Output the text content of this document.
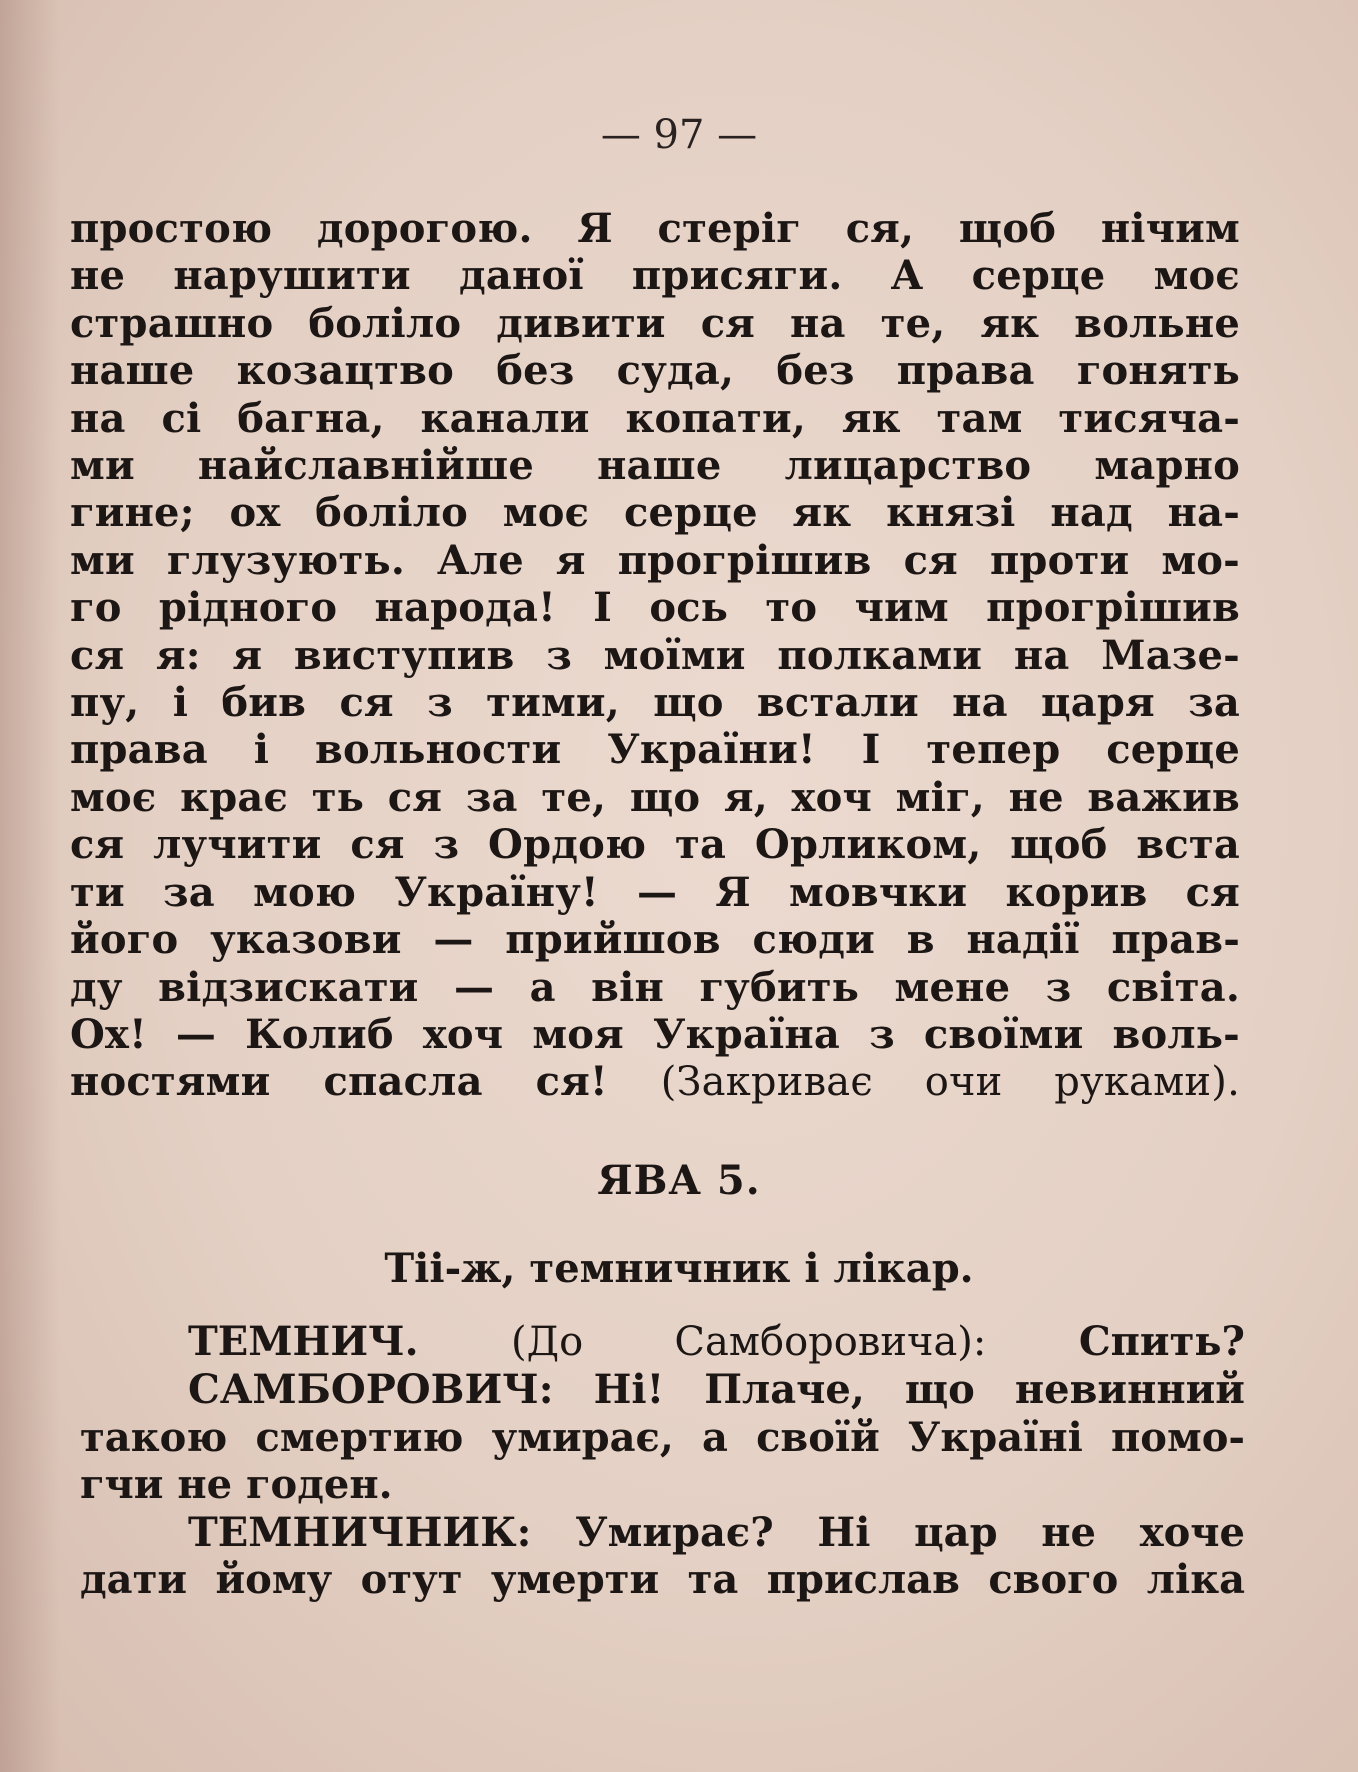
— 97 —
простою дорогою. Я стеріг ся, щоб нічим
не нарушити даної присяги. А серце моє
страшно боліло дивити ся на те, як вольне
наше козацтво без суда, без права гонять
на сі багна, канали копати, як там тисяча-
ми найславнійше наше лицарство марно
гине; ох боліло моє серце як князі над на-
ми глузують. Але я прогрішив ся проти мо-
го рідного народа! І ось то чим прогрішив
ся я: я виступив з моїми полками на Мазе-
пу, і бив ся з тими, що встали на царя за
права і вольности України! І тепер серце
моє крає ть ся за те, що я, хоч міг, не важив
ся лучити ся з Ордою та Орликом, щоб вста
ти за мою Україну! — Я мовчки корив ся
його указови — прийшов сюди в надії прав-
ду відзискати — а він губить мене з світа.
Ох! — Колиб хоч моя Україна з своїми воль-
ностями спасла ся! (Закриває очи руками).
ЯВА 5.
Тіі-ж, темничник і лікар.
ТЕМНИЧ. (До Самборовича): Спить?
САМБОРОВИЧ: Ні! Плаче, що невинний
такою смертию умирає, а своїй Україні помо-
гчи не годен.
ТЕМНИЧНИК: Умирає? Ні цар не хоче
дати йому отут умерти та прислав свого ліка
